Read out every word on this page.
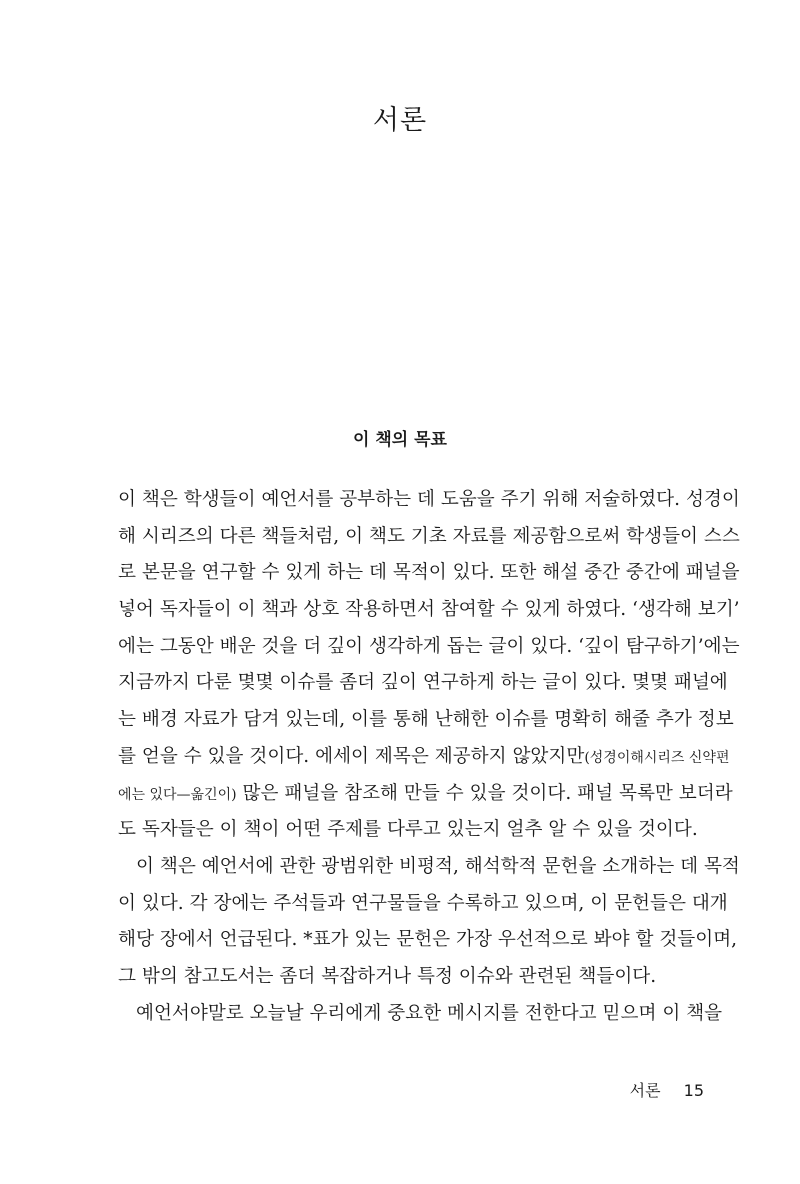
서론
이 책의 목표
이 책은 학생들이 예언서를 공부하는 데 도움을 주기 위해 저술하였다. 성경이
해 시리즈의 다른 책들처럼, 이 책도 기초 자료를 제공함으로써 학생들이 스스
로 본문을 연구할 수 있게 하는 데 목적이 있다. 또한 해설 중간 중간에 패널을
넣어 독자들이 이 책과 상호 작용하면서 참여할 수 있게 하였다. ‘생각해 보기’
에는 그동안 배운 것을 더 깊이 생각하게 돕는 글이 있다. ‘깊이 탐구하기’에는
지금까지 다룬 몇몇 이슈를 좀더 깊이 연구하게 하는 글이 있다. 몇몇 패널에
는 배경 자료가 담겨 있는데, 이를 통해 난해한 이슈를 명확히 해줄 추가 정보
를 얻을 수 있을 것이다. 에세이 제목은 제공하지 않았지만(성경이해시리즈 신약편
에는 있다—옮긴이) 많은 패널을 참조해 만들 수 있을 것이다. 패널 목록만 보더라
도 독자들은 이 책이 어떤 주제를 다루고 있는지 얼추 알 수 있을 것이다.
이 책은 예언서에 관한 광범위한 비평적, 해석학적 문헌을 소개하는 데 목적
이 있다. 각 장에는 주석들과 연구물들을 수록하고 있으며, 이 문헌들은 대개
해당 장에서 언급된다. *표가 있는 문헌은 가장 우선적으로 봐야 할 것들이며,
그 밖의 참고도서는 좀더 복잡하거나 특정 이슈와 관련된 책들이다.
예언서야말로 오늘날 우리에게 중요한 메시지를 전한다고 믿으며 이 책을
서론 15
